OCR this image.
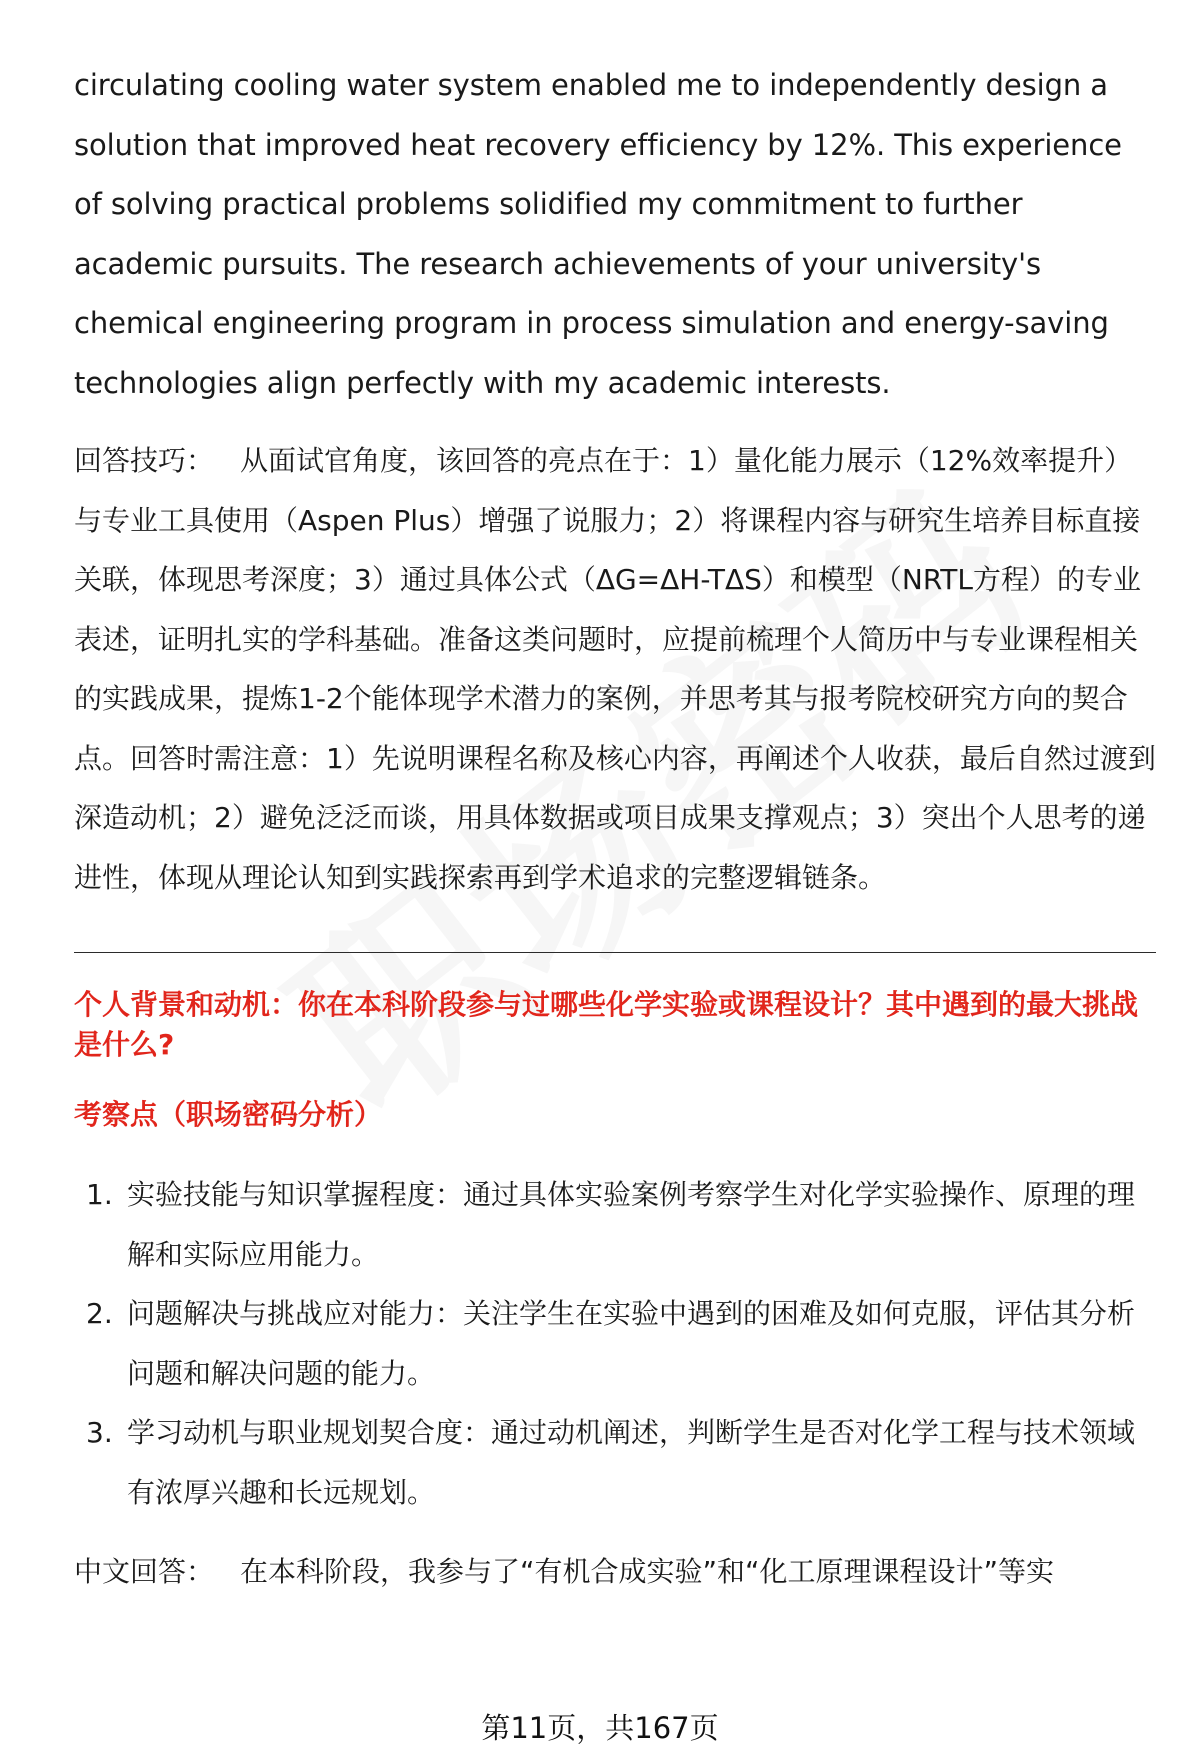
circulating cooling water system enabled me to independently design a solution that improved heat recovery efficiency by 12%. This experience of solving practical problems solidified my commitment to further academic pursuits. The research achievements of your university's chemical engineering program in process simulation and energy-saving technologies align perfectly with my academic interests.

回答技巧： 从面试官角度，该回答的亮点在于：1）量化能力展示（12%效率提升）与专业工具使用（Aspen Plus）增强了说服力；2）将课程内容与研究生培养目标直接关联，体现思考深度；3）通过具体公式（ΔG=ΔH-TΔS）和模型（NRTL方程）的专业表述，证明扎实的学科基础。准备这类问题时，应提前梳理个人简历中与专业课程相关的实践成果，提炼1-2个能体现学术潜力的案例，并思考其与报考院校研究方向的契合点。回答时需注意：1）先说明课程名称及核心内容，再阐述个人收获，最后自然过渡到深造动机；2）避免泛泛而谈，用具体数据或项目成果支撑观点；3）突出个人思考的递进性，体现从理论认知到实践探索再到学术追求的完整逻辑链条。

个人背景和动机：你在本科阶段参与过哪些化学实验或课程设计？其中遇到的最大挑战是什么?
考察点（职场密码分析）
1. 实验技能与知识掌握程度：通过具体实验案例考察学生对化学实验操作、原理的理解和实际应用能力。
2. 问题解决与挑战应对能力：关注学生在实验中遇到的困难及如何克服，评估其分析问题和解决问题的能力。
3. 学习动机与职业规划契合度：通过动机阐述，判断学生是否对化学工程与技术领域有浓厚兴趣和长远规划。
中文回答： 在本科阶段，我参与了“有机合成实验”和“化工原理课程设计”等实
第11页，共167页
